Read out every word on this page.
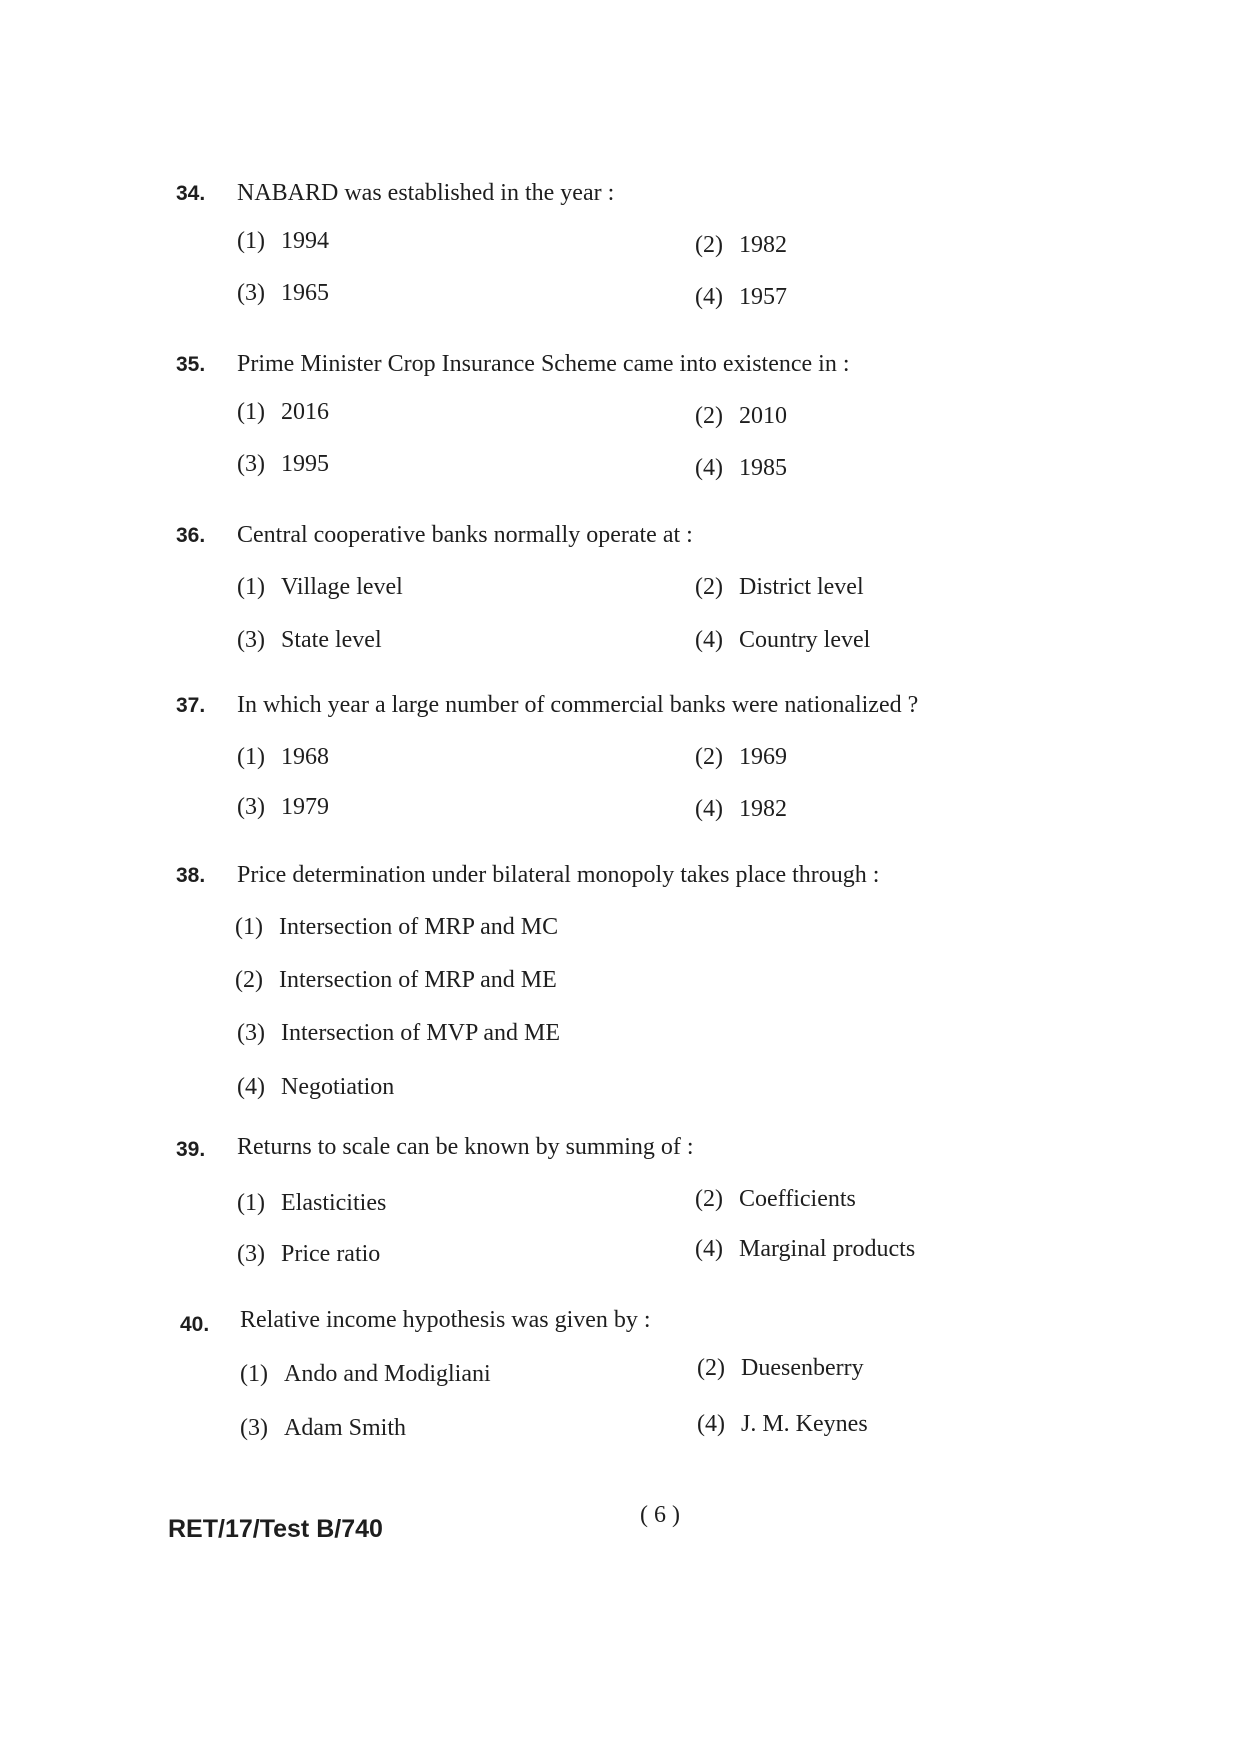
34. NABARD was established in the year :
(1) 1994	(2) 1982
(3) 1965	(4) 1957
35. Prime Minister Crop Insurance Scheme came into existence in :
(1) 2016	(2) 2010
(3) 1995	(4) 1985
36. Central cooperative banks normally operate at :
(1) Village level	(2) District level
(3) State level	(4) Country level
37. In which year a large number of commercial banks were nationalized ?
(1) 1968	(2) 1969
(3) 1979	(4) 1982
38. Price determination under bilateral monopoly takes place through :
(1) Intersection of MRP and MC
(2) Intersection of MRP and ME
(3) Intersection of MVP and ME
(4) Negotiation
39. Returns to scale can be known by summing of :
(1) Elasticities	(2) Coefficients
(3) Price ratio	(4) Marginal products
40. Relative income hypothesis was given by :
(1) Ando and Modigliani	(2) Duesenberry
(3) Adam Smith	(4) J. M. Keynes
( 6 )
RET/17/Test B/740
